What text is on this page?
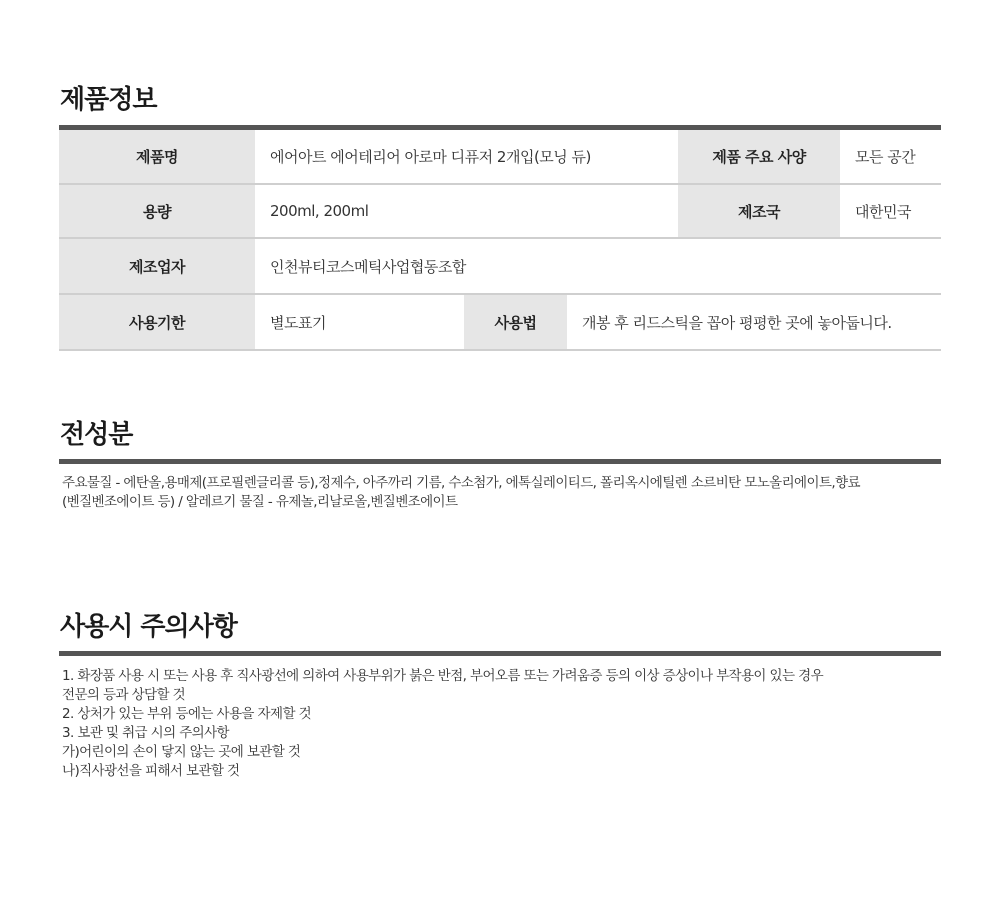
제품정보
제품명	에어아트 에어테리어 아로마 디퓨저 2개입(모닝 듀)			제품 주요 사양	모든 공간
용량	200ml, 200ml			제조국	대한민국
제조업자	인천뷰티코스메틱사업협동조합				
사용기한	별도표기	사용법	개봉 후 리드스틱을 꼽아 평평한 곳에 놓아둡니다.		
전성분
주요물질 - 에탄올,용매제(프로필렌글리콜 등),정제수, 아주까리 기름, 수소첨가, 에톡실레이티드, 폴리옥시에틸렌 소르비탄 모노올리에이트,향료
(벤질벤조에이트 등) / 알레르기 물질 - 유제놀,리날로올,벤질벤조에이트
사용시 주의사항
1. 화장품 사용 시 또는 사용 후 직사광선에 의하여 사용부위가 붉은 반점, 부어오름 또는 가려움증 등의 이상 증상이나 부작용이 있는 경우
전문의 등과 상담할 것
2. 상처가 있는 부위 등에는 사용을 자제할 것
3. 보관 및 취급 시의 주의사항
가)어린이의 손이 닿지 않는 곳에 보관할 것
나)직사광선을 피해서 보관할 것
